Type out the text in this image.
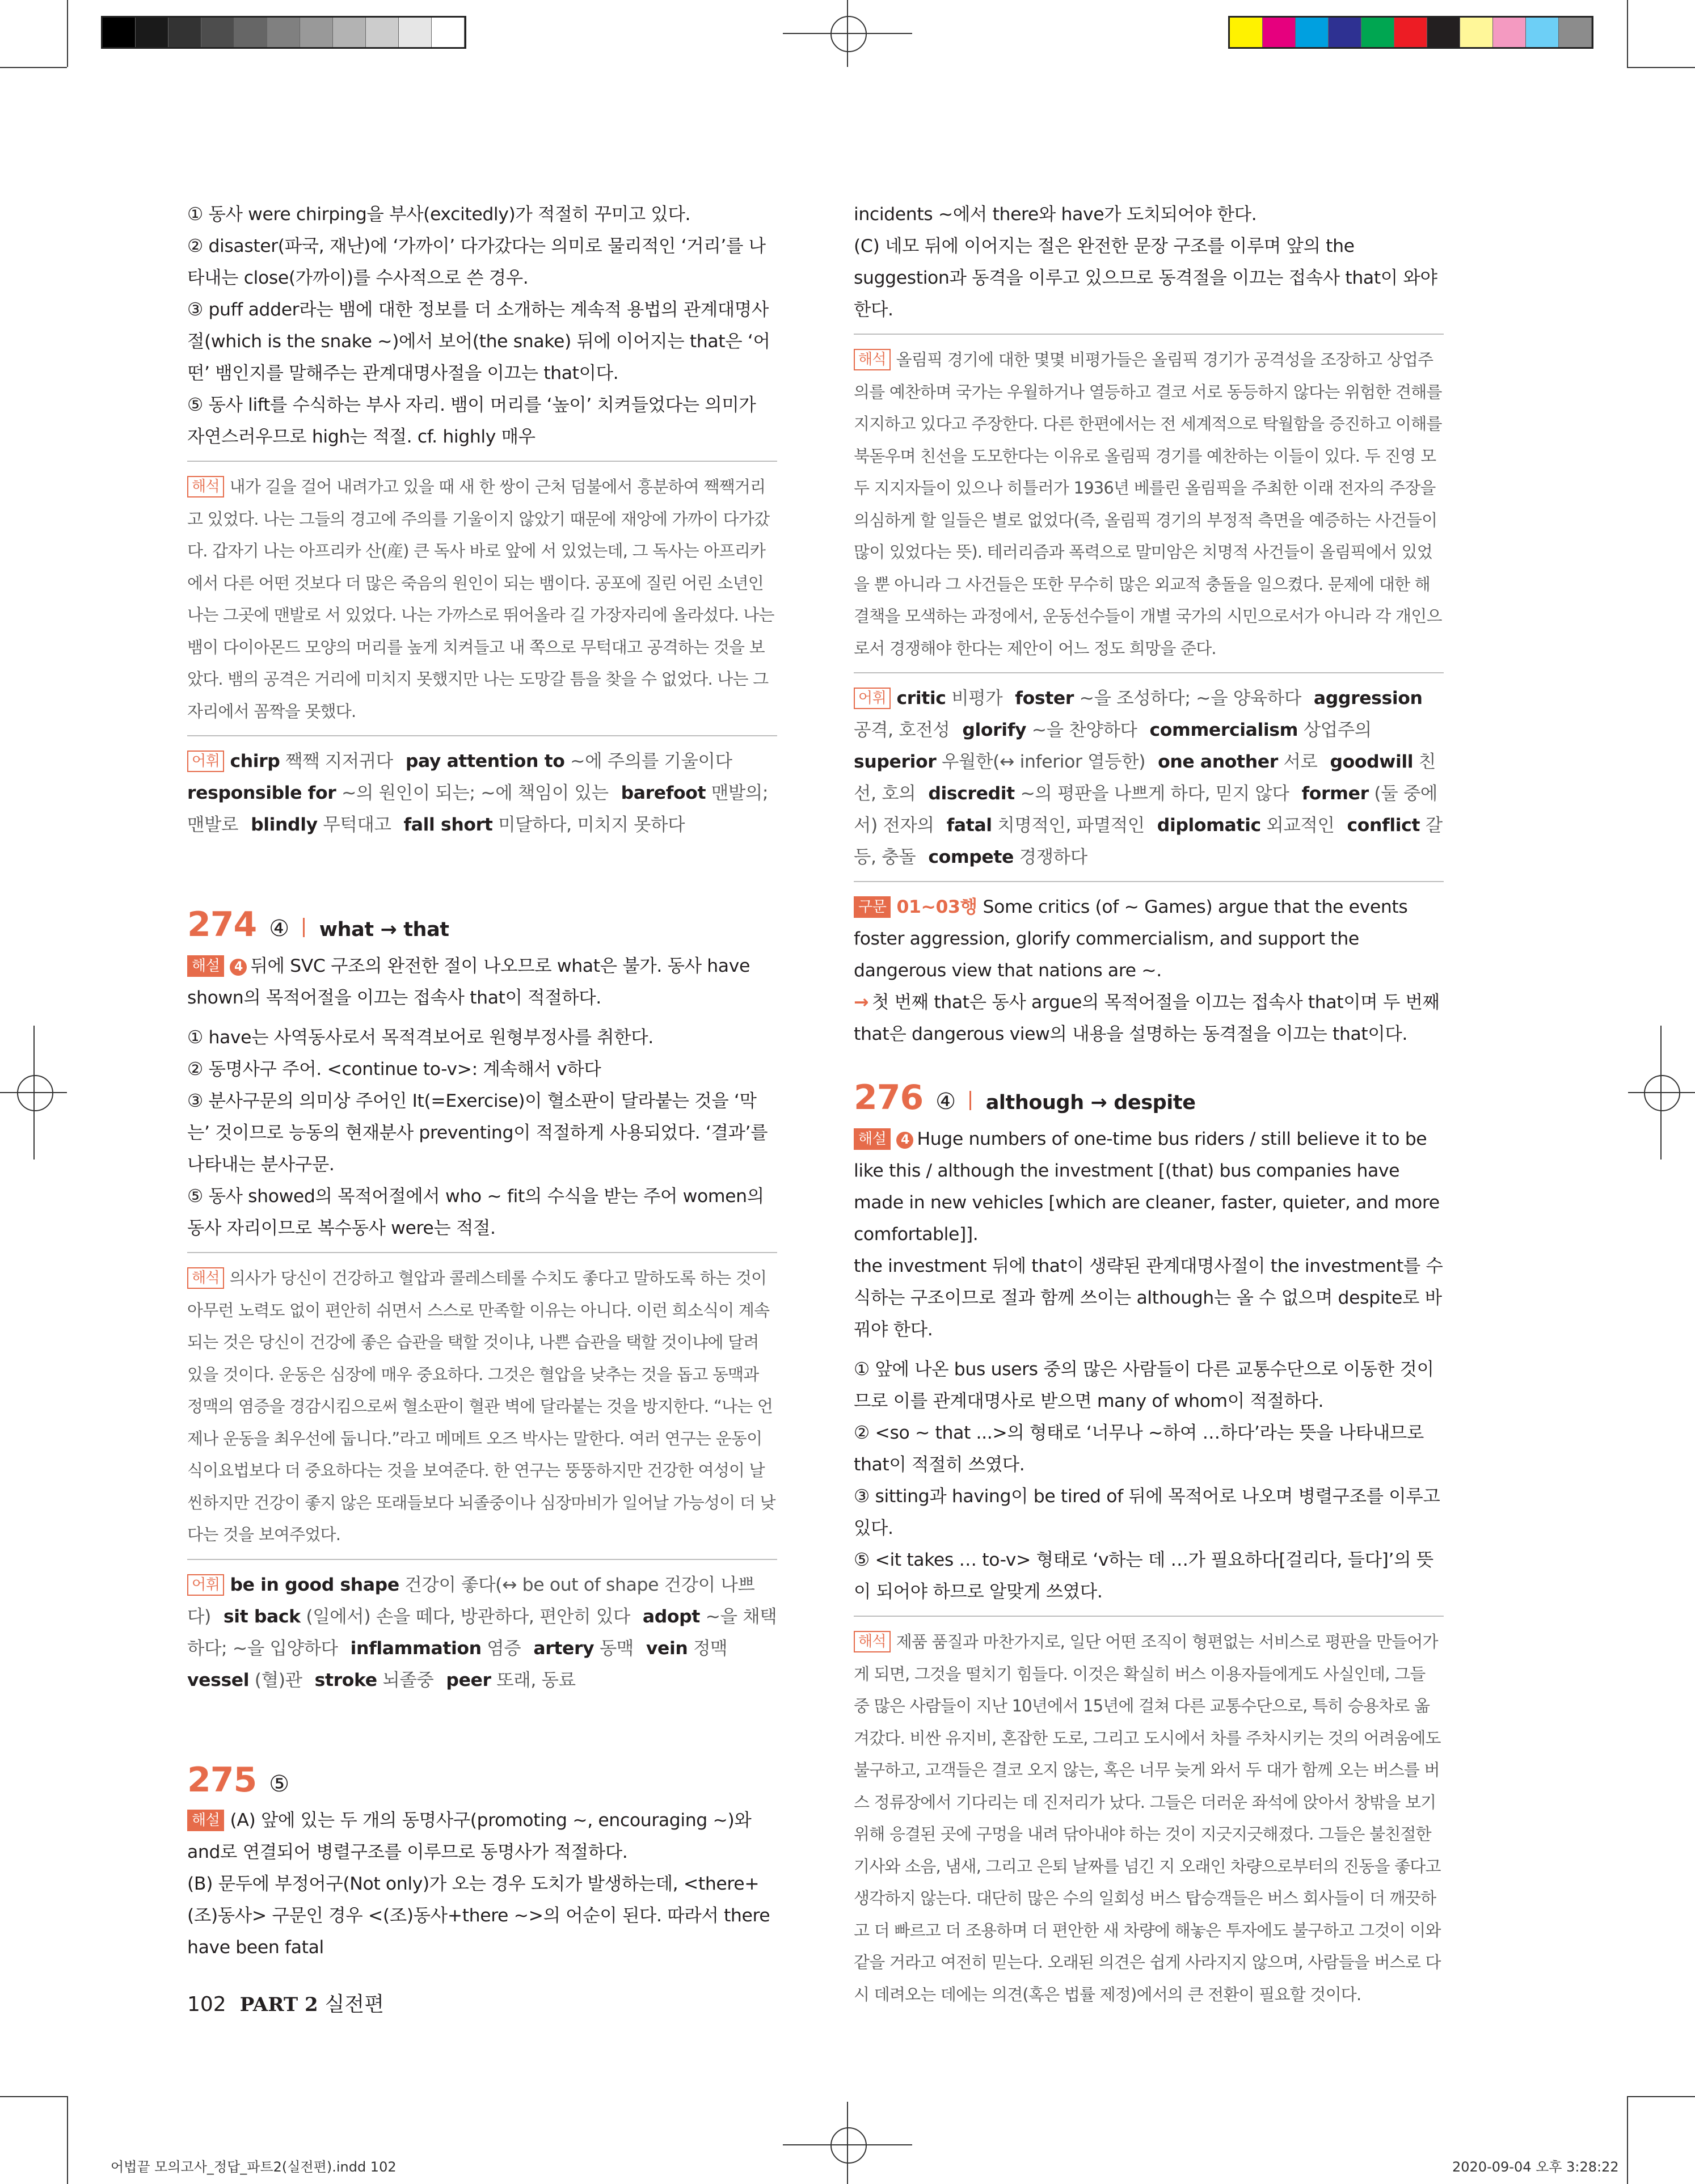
① 동사 were chirping을 부사(excitedly)가 적절히 꾸미고 있다.

② disaster(파국, 재난)에 ‘가까이’ 다가갔다는 의미로 물리적인 ‘거리’를 나타내는 close(가까이)를 수사적으로 쓴 경우.

③ puff adder라는 뱀에 대한 정보를 더 소개하는 계속적 용법의 관계대명사절(which is the snake ~)에서 보어(the snake) 뒤에 이어지는 that은 ‘어떤’ 뱀인지를 말해주는 관계대명사절을 이끄는 that이다.

⑤ 동사 lift를 수식하는 부사 자리. 뱀이 머리를 ‘높이’ 치켜들었다는 의미가 자연스러우므로 high는 적절. cf. highly 매우

해석 내가 길을 걸어 내려가고 있을 때 새 한 쌍이 근처 덤불에서 흥분하여 짹짹거리고 있었다. 나는 그들의 경고에 주의를 기울이지 않았기 때문에 재앙에 가까이 다가갔다. 갑자기 나는 아프리카 산(産) 큰 독사 바로 앞에 서 있었는데, 그 독사는 아프리카에서 다른 어떤 것보다 더 많은 죽음의 원인이 되는 뱀이다. 공포에 질린 어린 소년인 나는 그곳에 맨발로 서 있었다. 나는 가까스로 뛰어올라 길 가장자리에 올라섰다. 나는 뱀이 다이아몬드 모양의 머리를 높게 치켜들고 내 쪽으로 무턱대고 공격하는 것을 보았다. 뱀의 공격은 거리에 미치지 못했지만 나는 도망갈 틈을 찾을 수 없었다. 나는 그 자리에서 꼼짝을 못했다.

어휘 chirp 짹짹 지저귀다 pay attention to ~에 주의를 기울이다responsible for ~의 원인이 되는; ~에 책임이 있는 barefoot 맨발의; 맨발로 blindly 무턱대고 fall short 미달하다, 미치지 못하다

274 ④ what → that

해설 4 뒤에 SVC 구조의 완전한 절이 나오므로 what은 불가. 동사 have shown의 목적어절을 이끄는 접속사 that이 적절하다.

① have는 사역동사로서 목적격보어로 원형부정사를 취한다.

② 동명사구 주어. <continue to-v>: 계속해서 v하다

③ 분사구문의 의미상 주어인 It(=Exercise)이 혈소판이 달라붙는 것을 ‘막는’ 것이므로 능동의 현재분사 preventing이 적절하게 사용되었다. ‘결과’를 나타내는 분사구문.

⑤ 동사 showed의 목적어절에서 who ~ fit의 수식을 받는 주어 women의 동사 자리이므로 복수동사 were는 적절.

해석 의사가 당신이 건강하고 혈압과 콜레스테롤 수치도 좋다고 말하도록 하는 것이 아무런 노력도 없이 편안히 쉬면서 스스로 만족할 이유는 아니다. 이런 희소식이 계속되는 것은 당신이 건강에 좋은 습관을 택할 것이냐, 나쁜 습관을 택할 것이냐에 달려 있을 것이다. 운동은 심장에 매우 중요하다. 그것은 혈압을 낮추는 것을 돕고 동맥과 정맥의 염증을 경감시킴으로써 혈소판이 혈관 벽에 달라붙는 것을 방지한다. “나는 언제나 운동을 최우선에 둡니다.”라고 메메트 오즈 박사는 말한다. 여러 연구는 운동이 식이요법보다 더 중요하다는 것을 보여준다. 한 연구는 뚱뚱하지만 건강한 여성이 날씬하지만 건강이 좋지 않은 또래들보다 뇌졸중이나 심장마비가 일어날 가능성이 더 낮다는 것을 보여주었다.

어휘 be in good shape 건강이 좋다(↔ be out of shape 건강이 나쁘다) sit back (일에서) 손을 떼다, 방관하다, 편안히 있다 adopt ~을 채택하다; ~을 입양하다 inflammation 염증 artery 동맥 vein 정맥vessel (혈)관 stroke 뇌졸중 peer 또래, 동료

275 ⑤

해설 (A) 앞에 있는 두 개의 동명사구(promoting ~, encouraging ~)와 and로 연결되어 병렬구조를 이루므로 동명사가 적절하다.

(B) 문두에 부정어구(Not only)가 오는 경우 도치가 발생하는데, <there+(조)동사> 구문인 경우 <(조)동사+there ~>의 어순이 된다. 따라서 there have been fatal

incidents ~에서 there와 have가 도치되어야 한다.

(C) 네모 뒤에 이어지는 절은 완전한 문장 구조를 이루며 앞의 the suggestion과 동격을 이루고 있으므로 동격절을 이끄는 접속사 that이 와야 한다.

해석 올림픽 경기에 대한 몇몇 비평가들은 올림픽 경기가 공격성을 조장하고 상업주의를 예찬하며 국가는 우월하거나 열등하고 결코 서로 동등하지 않다는 위험한 견해를 지지하고 있다고 주장한다. 다른 한편에서는 전 세계적으로 탁월함을 증진하고 이해를 북돋우며 친선을 도모한다는 이유로 올림픽 경기를 예찬하는 이들이 있다. 두 진영 모두 지지자들이 있으나 히틀러가 1936년 베를린 올림픽을 주최한 이래 전자의 주장을 의심하게 할 일들은 별로 없었다(즉, 올림픽 경기의 부정적 측면을 예증하는 사건들이 많이 있었다는 뜻). 테러리즘과 폭력으로 말미암은 치명적 사건들이 올림픽에서 있었을 뿐 아니라 그 사건들은 또한 무수히 많은 외교적 충돌을 일으켰다. 문제에 대한 해결책을 모색하는 과정에서, 운동선수들이 개별 국가의 시민으로서가 아니라 각 개인으로서 경쟁해야 한다는 제안이 어느 정도 희망을 준다.

어휘 critic 비평가 foster ~을 조성하다; ~을 양육하다 aggression 공격, 호전성 glorify ~을 찬양하다 commercialism 상업주의superior 우월한(↔ inferior 열등한) one another 서로 goodwill 친선, 호의 discredit ~의 평판을 나쁘게 하다, 믿지 않다 former (둘 중에서) 전자의 fatal 치명적인, 파멸적인 diplomatic 외교적인 conflict 갈등, 충돌 compete 경쟁하다

구문 01~03행 Some critics (of ~ Games) argue that the events foster aggression, glorify commercialism, and support the dangerous view that nations are ~.

→ 첫 번째 that은 동사 argue의 목적어절을 이끄는 접속사 that이며 두 번째 that은 dangerous view의 내용을 설명하는 동격절을 이끄는 that이다.

276 ④ although → despite

해설 4 Huge numbers of one-time bus riders / still believe it to be like this / although the investment [(that) bus companies have made in new vehicles [which are cleaner, faster, quieter, and more comfortable]].

the investment 뒤에 that이 생략된 관계대명사절이 the investment를 수식하는 구조이므로 절과 함께 쓰이는 although는 올 수 없으며 despite로 바꿔야 한다.

① 앞에 나온 bus users 중의 많은 사람들이 다른 교통수단으로 이동한 것이므로 이를 관계대명사로 받으면 many of whom이 적절하다.

② <so ~ that ...>의 형태로 ‘너무나 ~하여 …하다’라는 뜻을 나타내므로 that이 적절히 쓰였다.

③ sitting과 having이 be tired of 뒤에 목적어로 나오며 병렬구조를 이루고 있다.

⑤ <it takes … to-v> 형태로 ‘v하는 데 …가 필요하다[걸리다, 들다]’의 뜻이 되어야 하므로 알맞게 쓰였다.

해석 제품 품질과 마찬가지로, 일단 어떤 조직이 형편없는 서비스로 평판을 만들어가게 되면, 그것을 떨치기 힘들다. 이것은 확실히 버스 이용자들에게도 사실인데, 그들 중 많은 사람들이 지난 10년에서 15년에 걸쳐 다른 교통수단으로, 특히 승용차로 옮겨갔다. 비싼 유지비, 혼잡한 도로, 그리고 도시에서 차를 주차시키는 것의 어려움에도 불구하고, 고객들은 결코 오지 않는, 혹은 너무 늦게 와서 두 대가 함께 오는 버스를 버스 정류장에서 기다리는 데 진저리가 났다. 그들은 더러운 좌석에 앉아서 창밖을 보기 위해 응결된 곳에 구멍을 내려 닦아내야 하는 것이 지긋지긋해졌다. 그들은 불친절한 기사와 소음, 냄새, 그리고 은퇴 날짜를 넘긴 지 오래인 차량으로부터의 진동을 좋다고 생각하지 않는다. 대단히 많은 수의 일회성 버스 탑승객들은 버스 회사들이 더 깨끗하고 더 빠르고 더 조용하며 더 편안한 새 차량에 해놓은 투자에도 불구하고 그것이 이와 같을 거라고 여전히 믿는다. 오래된 의견은 쉽게 사라지지 않으며, 사람들을 버스로 다시 데려오는 데에는 의견(혹은 법률 제정)에서의 큰 전환이 필요할 것이다.

102 PART 2 실전편
어법끝 모의고사_정답_파트2(실전편).indd 102	2020-09-04 오후 3:28:22
